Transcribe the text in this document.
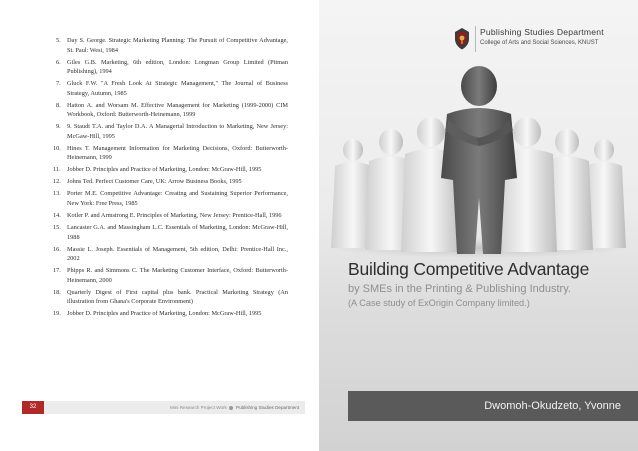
5. Day S. George. Strategic Marketing Planning: The Pursuit of Competitive Advantage, St. Paul: West, 1984
6. Giles G.B. Marketing, 6th edition, London: Longman Group Limited (Pitman Publishing), 1994
7. Gluck F.W. "A Fresh Look At Strategic Management," The Journal of Business Strategy, Autumn, 1985
8. Hatton A. and Worsam M. Effective Management for Marketing (1999-2000) CIM Workbook, Oxford: Butterworth-Heinemann, 1999
9. 9. Staudt T.A. and Taylor D.A. A Managerial Introduction to Marketing, New Jersey: McGaw-Hill, 1995
10. Hines T. Management Information for Marketing Decisions, Oxford: Butterworth-Heinemann, 1999
11. Jobber D. Principles and Practice of Marketing, London: McGraw-Hill, 1995
12. Johns Ted. Perfect Customer Care, UK: Arrow Business Books, 1995
13. Porter M.E. Competitive Advantage: Creating and Sustaining Superior Performance, New York: Free Press, 1985
14. Kotler P. and Armstrong E. Principles of Marketing, New Jersey: Prentice-Hall, 1996
15. Lancaster G.A. and Massingham L.C. Essentials of Marketing, London: McGraw-Hill, 1988
16. Massie L. Joseph. Essentials of Management, 5th edition, Delhi: Prentice-Hall Inc., 2002
17. Phipps R. and Simmons C. The Marketing Customer Interface, Oxford: Butterworth-Heinemann, 2000
18. Quarterly Digest of First capital plus bank. Practical Marketing Strategy (An illustration from Ghana's Corporate Environment)
19. Jobber D. Principles and Practice of Marketing, London: McGraw-Hill, 1995
32	Mini Research Project Work Publishing Studies Department
Publishing Studies Department
College of Arts and Social Sciences, KNUST
Building Competitive Advantage
by SMEs in the Printing & Publishing Industry.
(A Case study of ExOrigin Company limited.)
Dwomoh-Okudzeto, Yvonne
